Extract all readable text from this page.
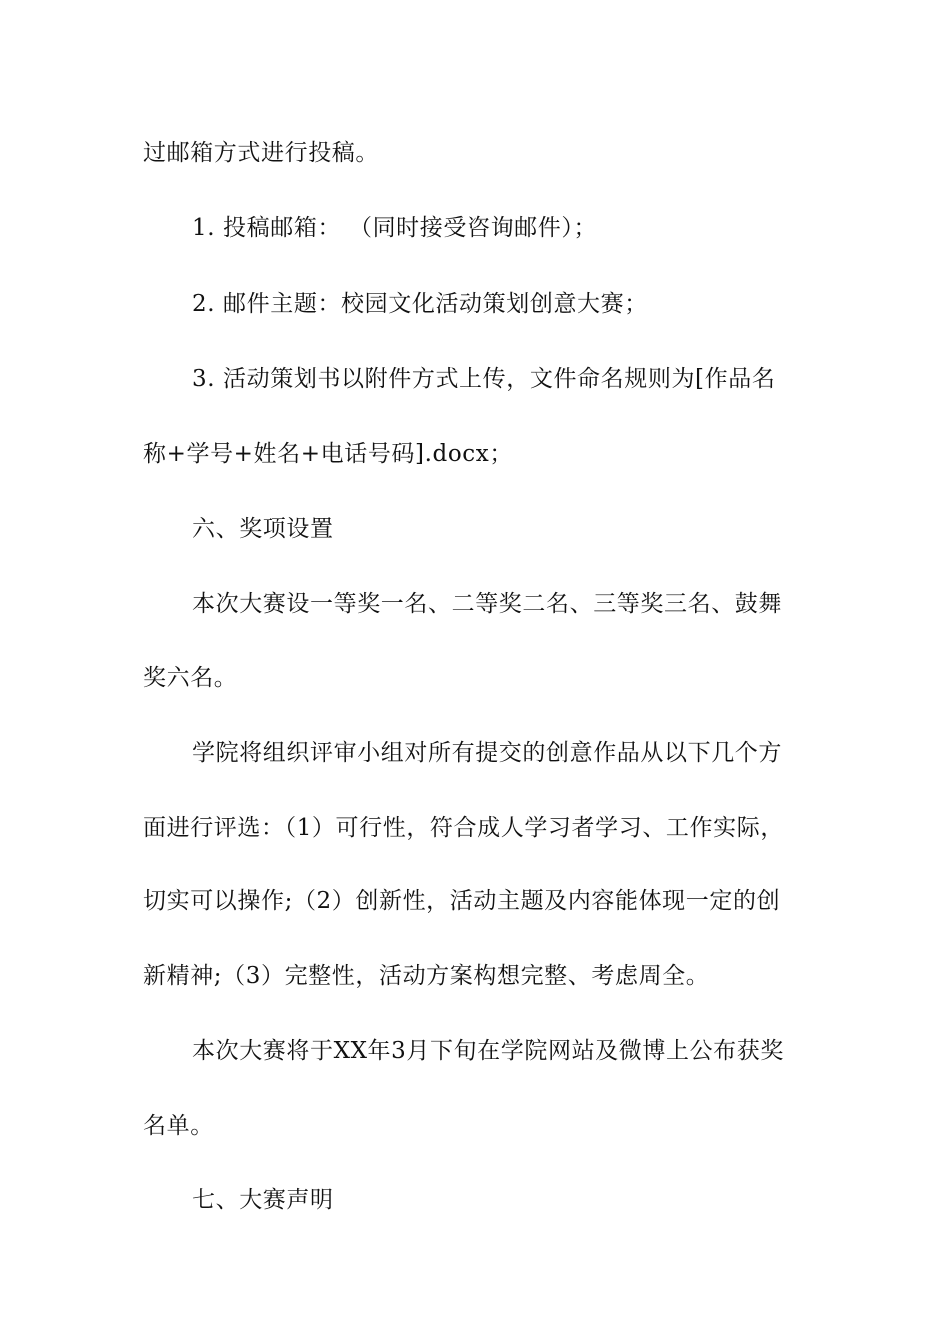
过邮箱方式进行投稿。
1. 投稿邮箱： （同时接受咨询邮件）；
2. 邮件主题：校园文化活动策划创意大赛；
3. 活动策划书以附件方式上传，文件命名规则为[作品名
称+学号+姓名+电话号码].docx；
六、奖项设置
本次大赛设一等奖一名、二等奖二名、三等奖三名、鼓舞
奖六名。
学院将组织评审小组对所有提交的创意作品从以下几个方
面进行评选：（1）可行性，符合成人学习者学习、工作实际，
切实可以操作;（2）创新性，活动主题及内容能体现一定的创
新精神;（3）完整性，活动方案构想完整、考虑周全。
本次大赛将于XX年3月下旬在学院网站及微博上公布获奖
名单。
七、大赛声明
